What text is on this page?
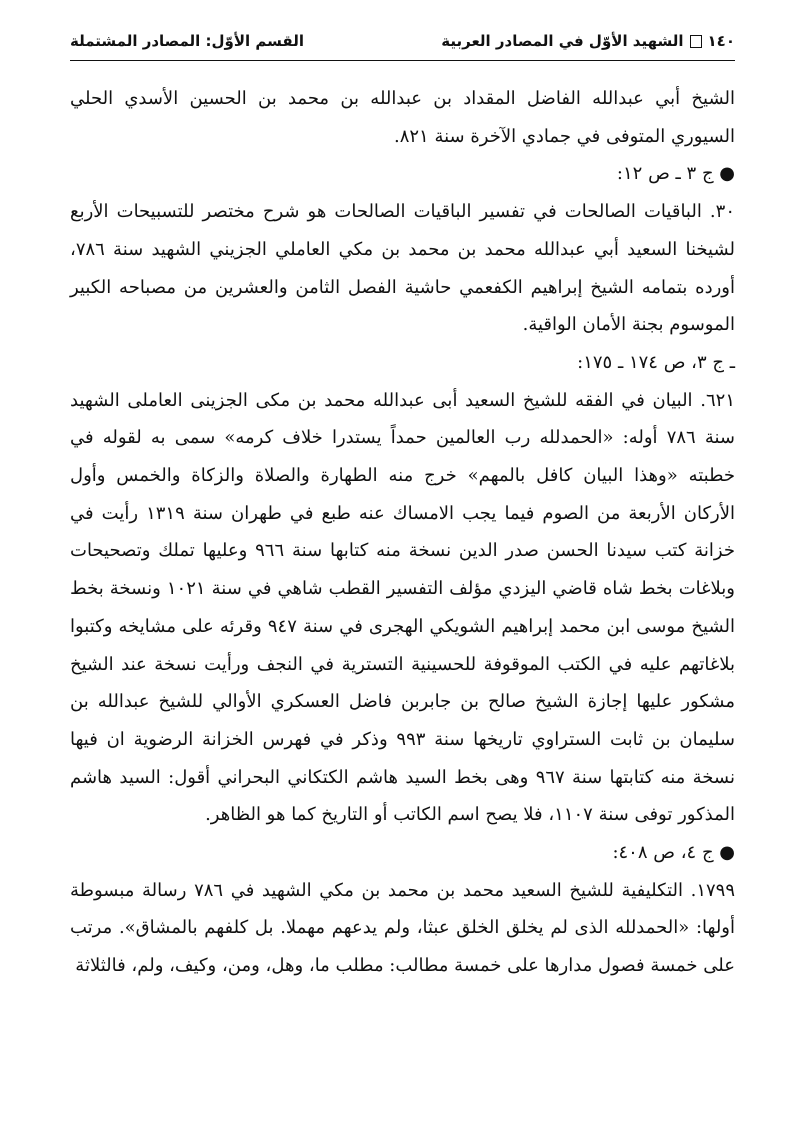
١٤٠
الشهيد الأوّل في المصادر العربية
القسم الأوّل: المصادر المشتملة

الشيخ أبي عبدالله الفاضل المقداد بن عبدالله بن محمد بن الحسين الأسدي الحلي السيوري المتوفى في جمادي الآخرة سنة ٨٢١.

● ج ٣ ـ ص ١٢:

٣٠. الباقيات الصالحات في تفسير الباقيات الصالحات هو شرح مختصر للتسبيحات الأربع لشيخنا السعيد أبي عبدالله محمد بن محمد بن مكي العاملي الجزيني الشهيد سنة ٧٨٦، أورده بتمامه الشيخ إبراهيم الكفعمي حاشية الفصل الثامن والعشرين من مصباحه الكبير الموسوم بجنة الأمان الواقية.

ـ ج ٣، ص ١٧٤ ـ ١٧٥:

٦٢١. البيان في الفقه للشيخ السعيد أبى عبدالله محمد بن مكى الجزينى العاملى الشهيد سنة ٧٨٦ أوله: «الحمدلله رب العالمين حمداً يستدرا خلاف كرمه» سمى به لقوله في خطبته «وهذا البيان كافل بالمهم» خرج منه الطهارة والصلاة والزكاة والخمس وأول الأركان الأربعة من الصوم فيما يجب الامساك عنه طبع في طهران سنة ١٣١٩ رأيت في خزانة كتب سيدنا الحسن صدر الدين نسخة منه كتابها سنة ٩٦٦ وعليها تملك وتصحيحات وبلاغات بخط شاه قاضي اليزدي مؤلف التفسير القطب شاهي في سنة ١٠٢١ ونسخة بخط الشيخ موسى ابن محمد إبراهيم الشويكي الهجرى في سنة ٩٤٧ وقرئه على مشايخه وكتبوا بلاغاتهم عليه في الكتب الموقوفة للحسينية التسترية في النجف ورأيت نسخة عند الشيخ مشكور عليها إجازة الشيخ صالح بن جابربن فاضل العسكري الأوالي للشيخ عبدالله بن سليمان بن ثابت الستراوي تاريخها سنة ٩٩٣ وذكر في فهرس الخزانة الرضوية ان فيها نسخة منه كتابتها سنة ٩٦٧ وهى بخط السيد هاشم الكتكاني البحراني أقول: السيد هاشم المذكور توفى سنة ١١٠٧، فلا يصح اسم الكاتب أو التاريخ كما هو الظاهر.

● ج ٤، ص ٤٠٨:

١٧٩٩. التكليفية للشيخ السعيد محمد بن محمد بن مكي الشهيد في ٧٨٦ رسالة مبسوطة أولها: «الحمدلله الذى لم يخلق الخلق عبثا، ولم يدعهم مهملا. بل كلفهم بالمشاق». مرتب على خمسة فصول مدارها على خمسة مطالب: مطلب ما، وهل، ومن، وكيف، ولم، فالثلاثة
